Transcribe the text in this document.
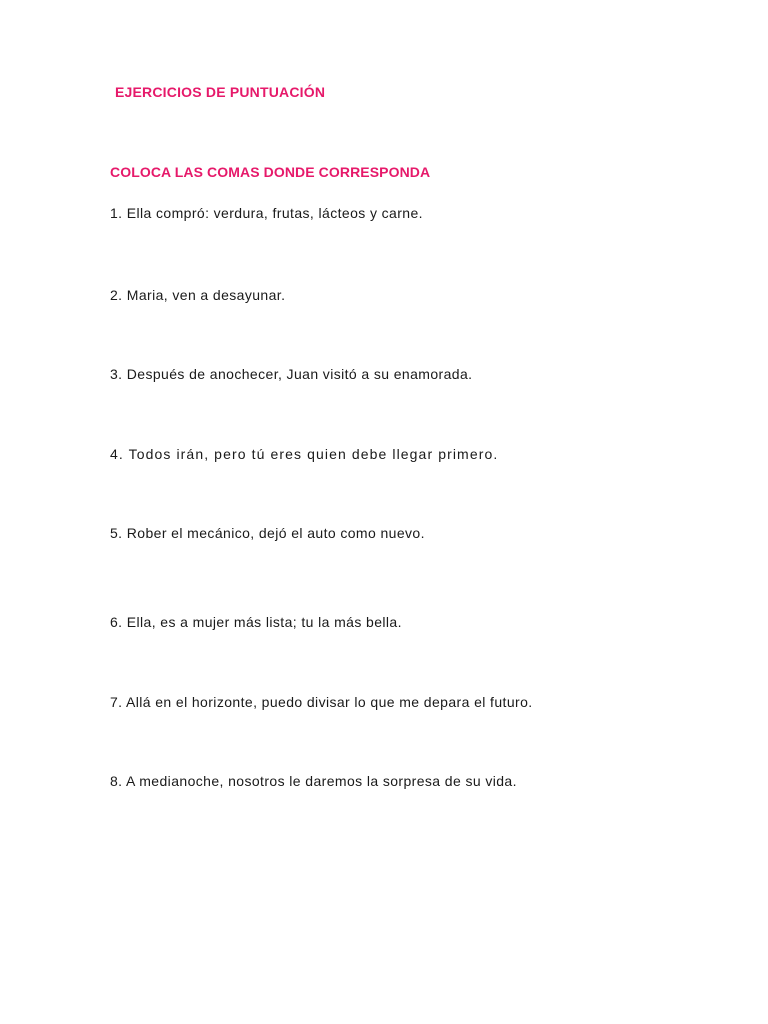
EJERCICIOS DE PUNTUACIÓN
COLOCA LAS COMAS DONDE CORRESPONDA
1. Ella compró: verdura, frutas, lácteos y carne.
2. Maria, ven a desayunar.
3. Después de anochecer, Juan visitó a su enamorada.
4. Todos irán, pero tú eres quien debe llegar primero.
5. Rober el mecánico, dejó el auto como nuevo.
6. Ella, es a mujer más lista; tu la más bella.
7. Allá en el horizonte, puedo divisar lo que me depara el futuro.
8. A medianoche, nosotros le daremos la sorpresa de su vida.
